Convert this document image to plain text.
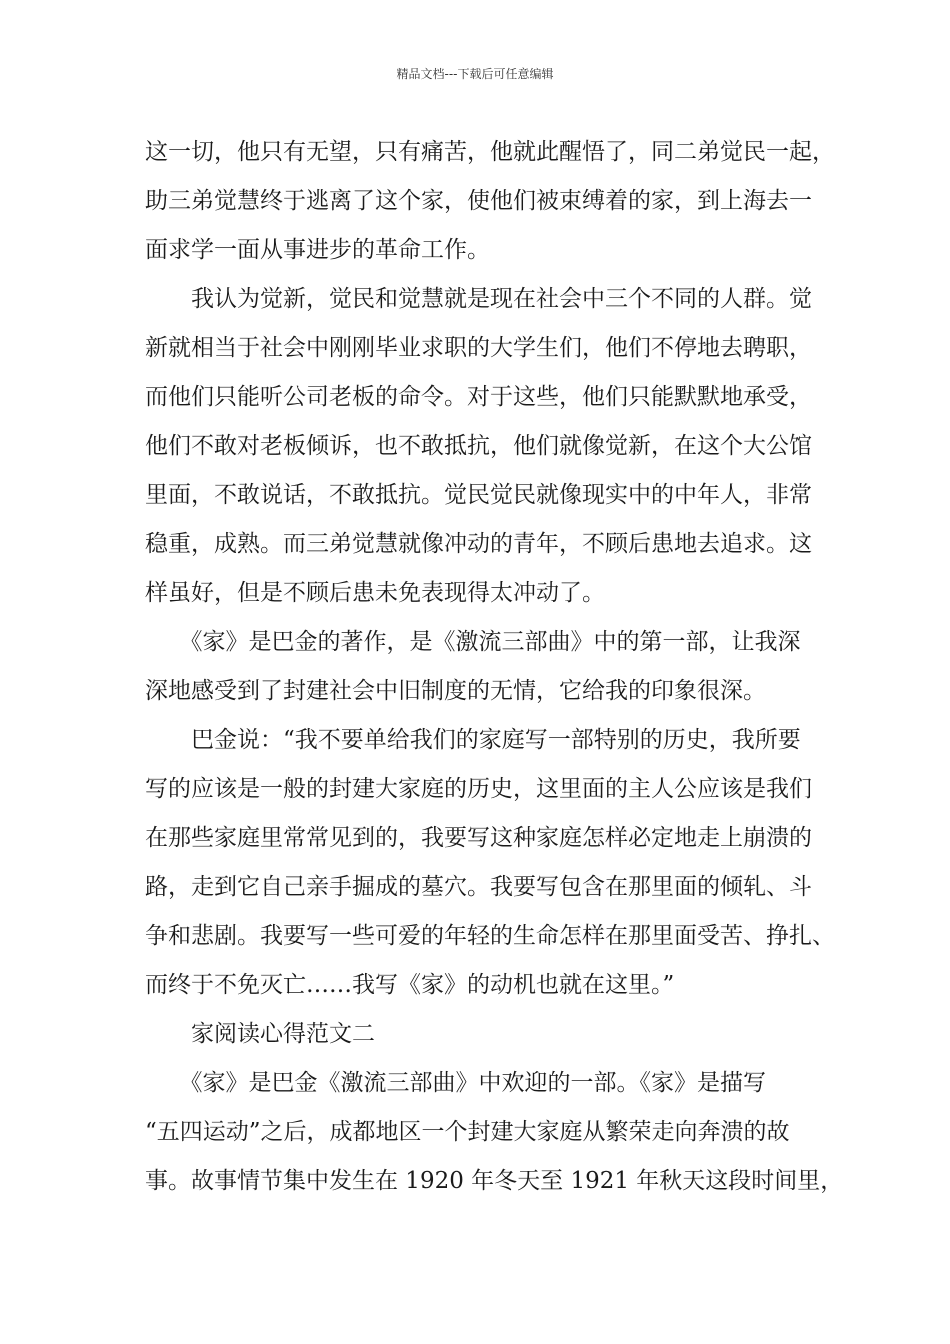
精品文档---下载后可任意编辑
这一切，他只有无望，只有痛苦，他就此醒悟了，同二弟觉民一起，
助三弟觉慧终于逃离了这个家，使他们被束缚着的家，到上海去一
面求学一面从事进步的革命工作。
　　我认为觉新，觉民和觉慧就是现在社会中三个不同的人群。觉
新就相当于社会中刚刚毕业求职的大学生们，他们不停地去聘职，
而他们只能听公司老板的命令。对于这些，他们只能默默地承受，
他们不敢对老板倾诉，也不敢抵抗，他们就像觉新，在这个大公馆
里面，不敢说话，不敢抵抗。觉民觉民就像现实中的中年人，非常
稳重，成熟。而三弟觉慧就像冲动的青年，不顾后患地去追求。这
样虽好，但是不顾后患未免表现得太冲动了。
　　《家》是巴金的著作，是《激流三部曲》中的第一部，让我深
深地感受到了封建社会中旧制度的无情，它给我的印象很深。
　　巴金说：“我不要单给我们的家庭写一部特别的历史，我所要
写的应该是一般的封建大家庭的历史，这里面的主人公应该是我们
在那些家庭里常常见到的，我要写这种家庭怎样必定地走上崩溃的
路，走到它自己亲手掘成的墓穴。我要写包含在那里面的倾轧、斗
争和悲剧。我要写一些可爱的年轻的生命怎样在那里面受苦、挣扎、
而终于不免灭亡……我写《家》的动机也就在这里。”
　　家阅读心得范文二
　　《家》是巴金《激流三部曲》中欢迎的一部。《家》是描写
“五四运动”之后，成都地区一个封建大家庭从繁荣走向奔溃的故
事。故事情节集中发生在 1920 年冬天至 1921 年秋天这段时间里，
